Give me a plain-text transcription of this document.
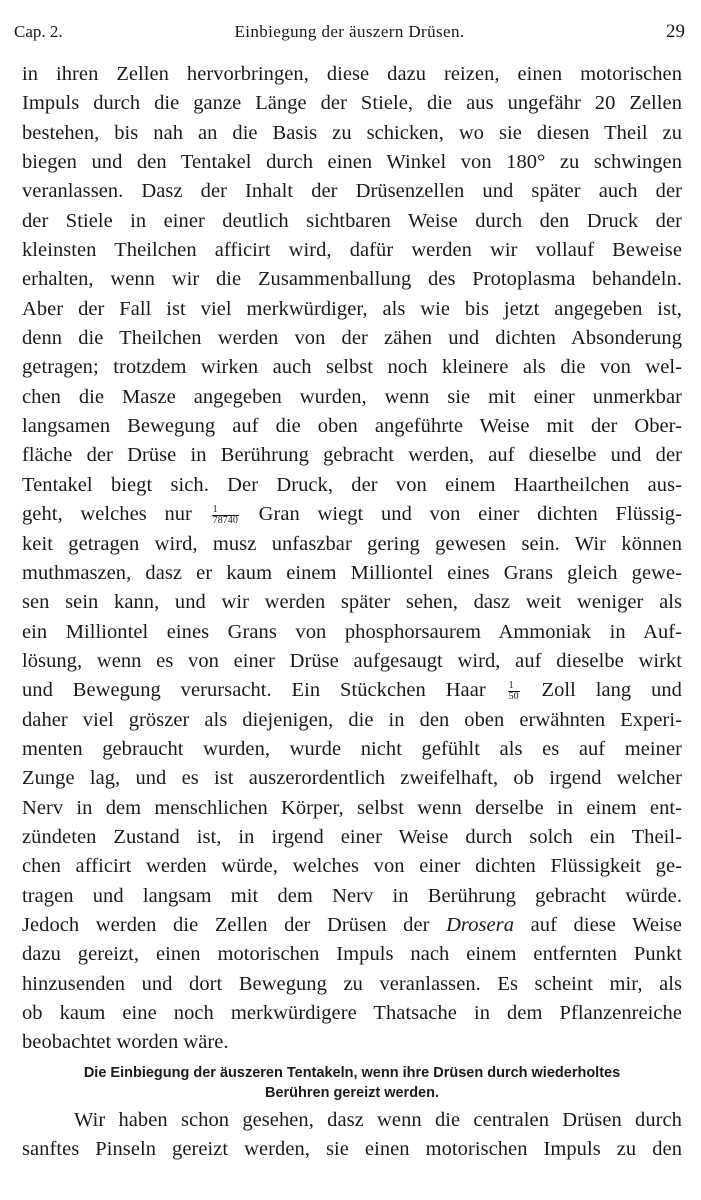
Cap. 2.	Einbiegung der äuszern Drüsen.	29
in ihren Zellen hervorbringen, diese dazu reizen, einen motorischen
Impuls durch die ganze Länge der Stiele, die aus ungefähr 20 Zellen
bestehen, bis nah an die Basis zu schicken, wo sie diesen Theil zu
biegen und den Tentakel durch einen Winkel von 180° zu schwingen
veranlassen. Dasz der Inhalt der Drüsenzellen und später auch der
der Stiele in einer deutlich sichtbaren Weise durch den Druck der
kleinsten Theilchen afficirt wird, dafür werden wir vollauf Beweise
erhalten, wenn wir die Zusammenballung des Protoplasma behandeln.
Aber der Fall ist viel merkwürdiger, als wie bis jetzt angegeben ist,
denn die Theilchen werden von der zähen und dichten Absonderung
getragen; trotzdem wirken auch selbst noch kleinere als die von wel-
chen die Masze angegeben wurden, wenn sie mit einer unmerkbar
langsamen Bewegung auf die oben angeführte Weise mit der Ober-
fläche der Drüse in Berührung gebracht werden, auf dieselbe und der
Tentakel biegt sich. Der Druck, der von einem Haartheilchen aus-
geht, welches nur $\frac{1}{78740}$ Gran wiegt und von einer dichten Flüssig-
keit getragen wird, musz unfaszbar gering gewesen sein. Wir können
muthmaszen, dasz er kaum einem Milliontel eines Grans gleich gewe-
sen sein kann, und wir werden später sehen, dasz weit weniger als
ein Milliontel eines Grans von phosphorsaurem Ammoniak in Auf-
lösung, wenn es von einer Drüse aufgesaugt wird, auf dieselbe wirkt
und Bewegung verursacht. Ein Stückchen Haar $\frac{1}{50}$ Zoll lang und
daher viel gröszer als diejenigen, die in den oben erwähnten Experi-
menten gebraucht wurden, wurde nicht gefühlt als es auf meiner
Zunge lag, und es ist auszerordentlich zweifelhaft, ob irgend welcher
Nerv in dem menschlichen Körper, selbst wenn derselbe in einem ent-
zündeten Zustand ist, in irgend einer Weise durch solch ein Theil-
chen afficirt werden würde, welches von einer dichten Flüssigkeit ge-
tragen und langsam mit dem Nerv in Berührung gebracht würde.
Jedoch werden die Zellen der Drüsen der Drosera auf diese Weise
dazu gereizt, einen motorischen Impuls nach einem entfernten Punkt
hinzusenden und dort Bewegung zu veranlassen. Es scheint mir, als
ob kaum eine noch merkwürdigere Thatsache in dem Pflanzenreiche
beobachtet worden wäre.
Die Einbiegung der äuszeren Tentakeln, wenn ihre Drüsen durch wiederholtes
Berühren gereizt werden.
Wir haben schon gesehen, dasz wenn die centralen Drüsen durch
sanftes Pinseln gereizt werden, sie einen motorischen Impuls zu den
